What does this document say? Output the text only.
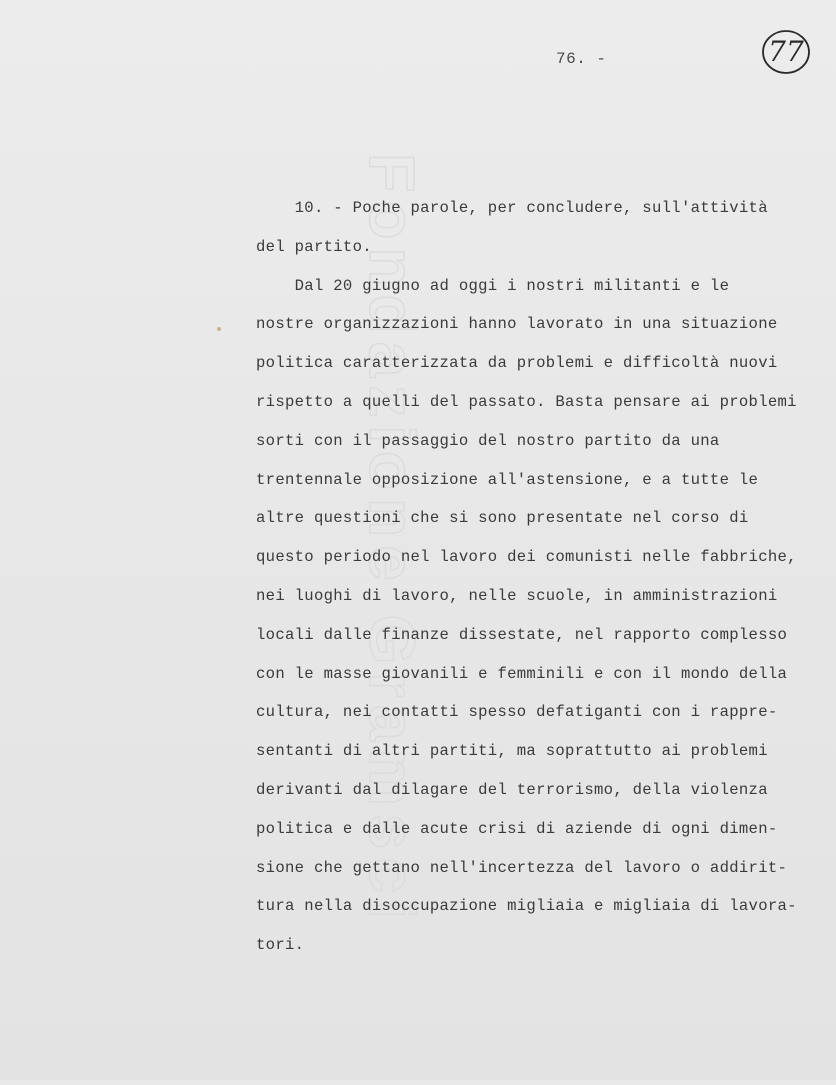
Fondazione Gramsci
76. -	77
10. - Poche parole, per concludere, sull'attività
del partito.
Dal 20 giugno ad oggi i nostri militanti e le
nostre organizzazioni hanno lavorato in una situazione
politica caratterizzata da problemi e difficoltà nuovi
rispetto a quelli del passato. Basta pensare ai problemi
sorti con il passaggio del nostro partito da una
trentennale opposizione all'astensione, e a tutte le
altre questioni che si sono presentate nel corso di
questo periodo nel lavoro dei comunisti nelle fabbriche,
nei luoghi di lavoro, nelle scuole, in amministrazioni
locali dalle finanze dissestate, nel rapporto complesso
con le masse giovanili e femminili e con il mondo della
cultura, nei contatti spesso defatiganti con i rappre-
sentanti di altri partiti, ma soprattutto ai problemi
derivanti dal dilagare del terrorismo, della violenza
politica e dalle acute crisi di aziende di ogni dimen-
sione che gettano nell'incertezza del lavoro o addirit-
tura nella disoccupazione migliaia e migliaia di lavora-
tori.
